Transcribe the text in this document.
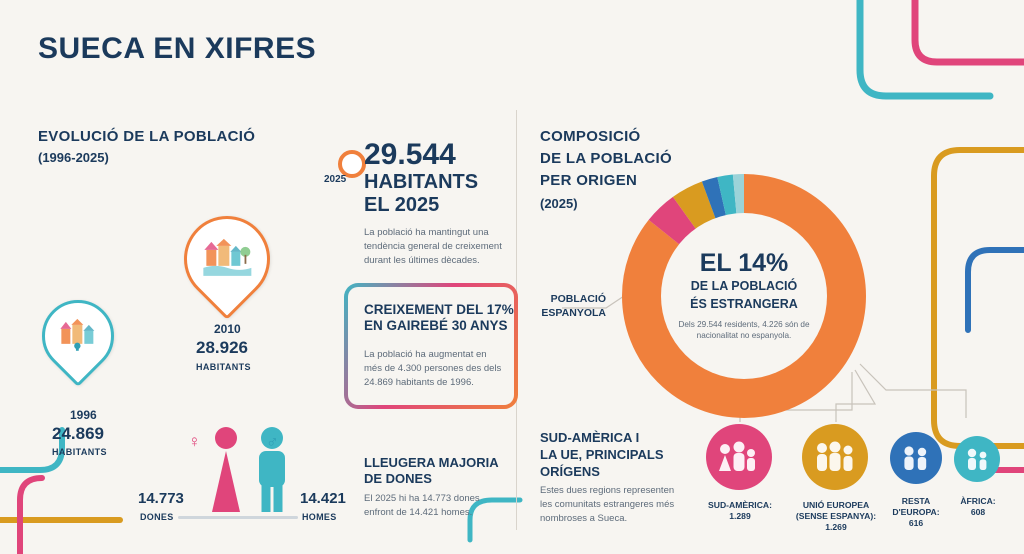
SUECA EN XIFRES
EVOLUCIÓ DE LA POBLACIÓ
(1996-2025)
1996
24.869
HABITANTS
2010
28.926
HABITANTS
2025
29.544
HABITANTS
EL 2025
La població ha mantingut una tendència general de creixement durant les últimes dècades.
CREIXEMENT DEL 17% EN GAIREBÉ 30 ANYS
La població ha augmentat en més de 4.300 persones des dels 24.869 habitants de 1996.
♀	♂
14.773
DONES
14.421
HOMES
LLEUGERA MAJORIA DE DONES
El 2025 hi ha 14.773 dones enfront de 14.421 homes.
COMPOSICIÓ
DE LA POBLACIÓ
PER ORIGEN
(2025)
EL 14%
DE LA POBLACIÓ
ÉS ESTRANGERA
Dels 29.544 residents, 4.226 són de nacionalitat no espanyola.
POBLACIÓ
ESPANYOLA
SUD-AMÈRICA I
LA UE, PRINCIPALS
ORÍGENS
Estes dues regions representen les comunitats estrangeres més nombroses a Sueca.
SUD-AMÈRICA:
1.289
UNIÓ EUROPEA (SENSE ESPANYA):
1.269
RESTA D'EUROPA:
616
ÀFRICA:
608
